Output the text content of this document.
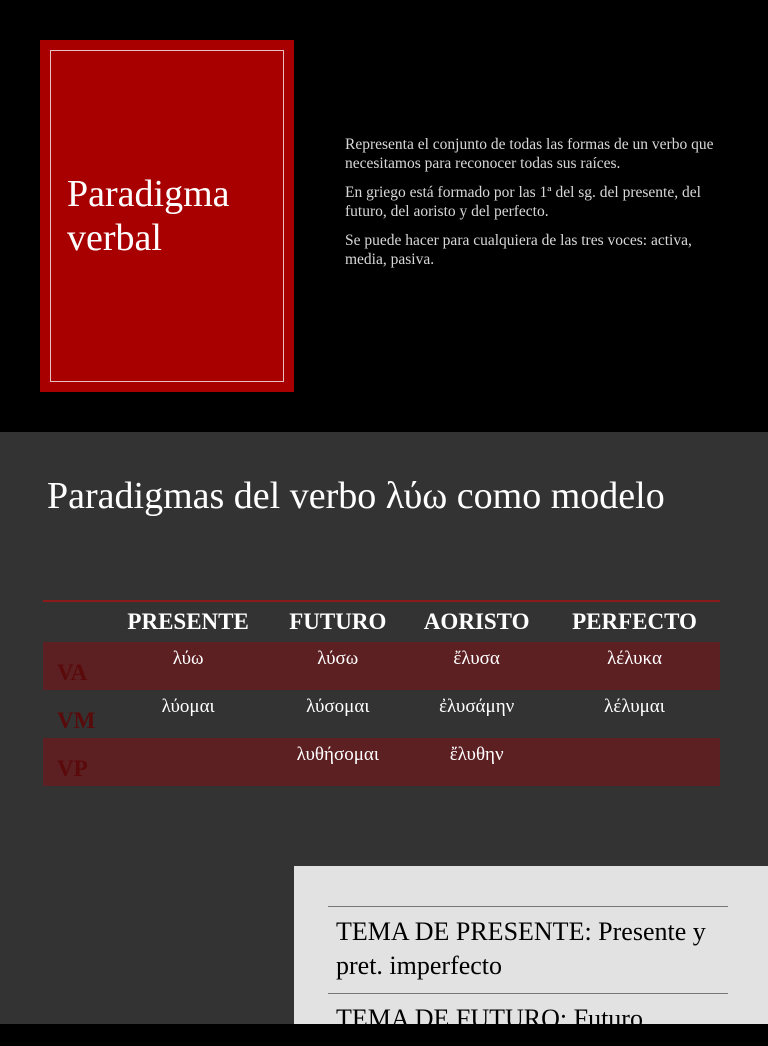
Paradigma verbal

Representa el conjunto de todas las formas de un verbo que necesitamos para reconocer todas sus raíces.

En griego está formado por las 1ª del sg. del presente, del futuro, del aoristo y del perfecto.

Se puede hacer para cualquiera de las tres voces: activa, media, pasiva.

Paradigmas del verbo λύω como modelo
	PRESENTE	FUTURO	AORISTO	PERFECTO
VA	λύω	λύσω	ἔλυσα	λέλυκα
VM	λύομαι	λύσομαι	ἐλυσάμην	λέλυμαι
VP		λυθήσομαι	ἔλυθην	
TEMA DE PRESENTE: Presente y pret. imperfecto
TEMA DE FUTURO: Futuro
